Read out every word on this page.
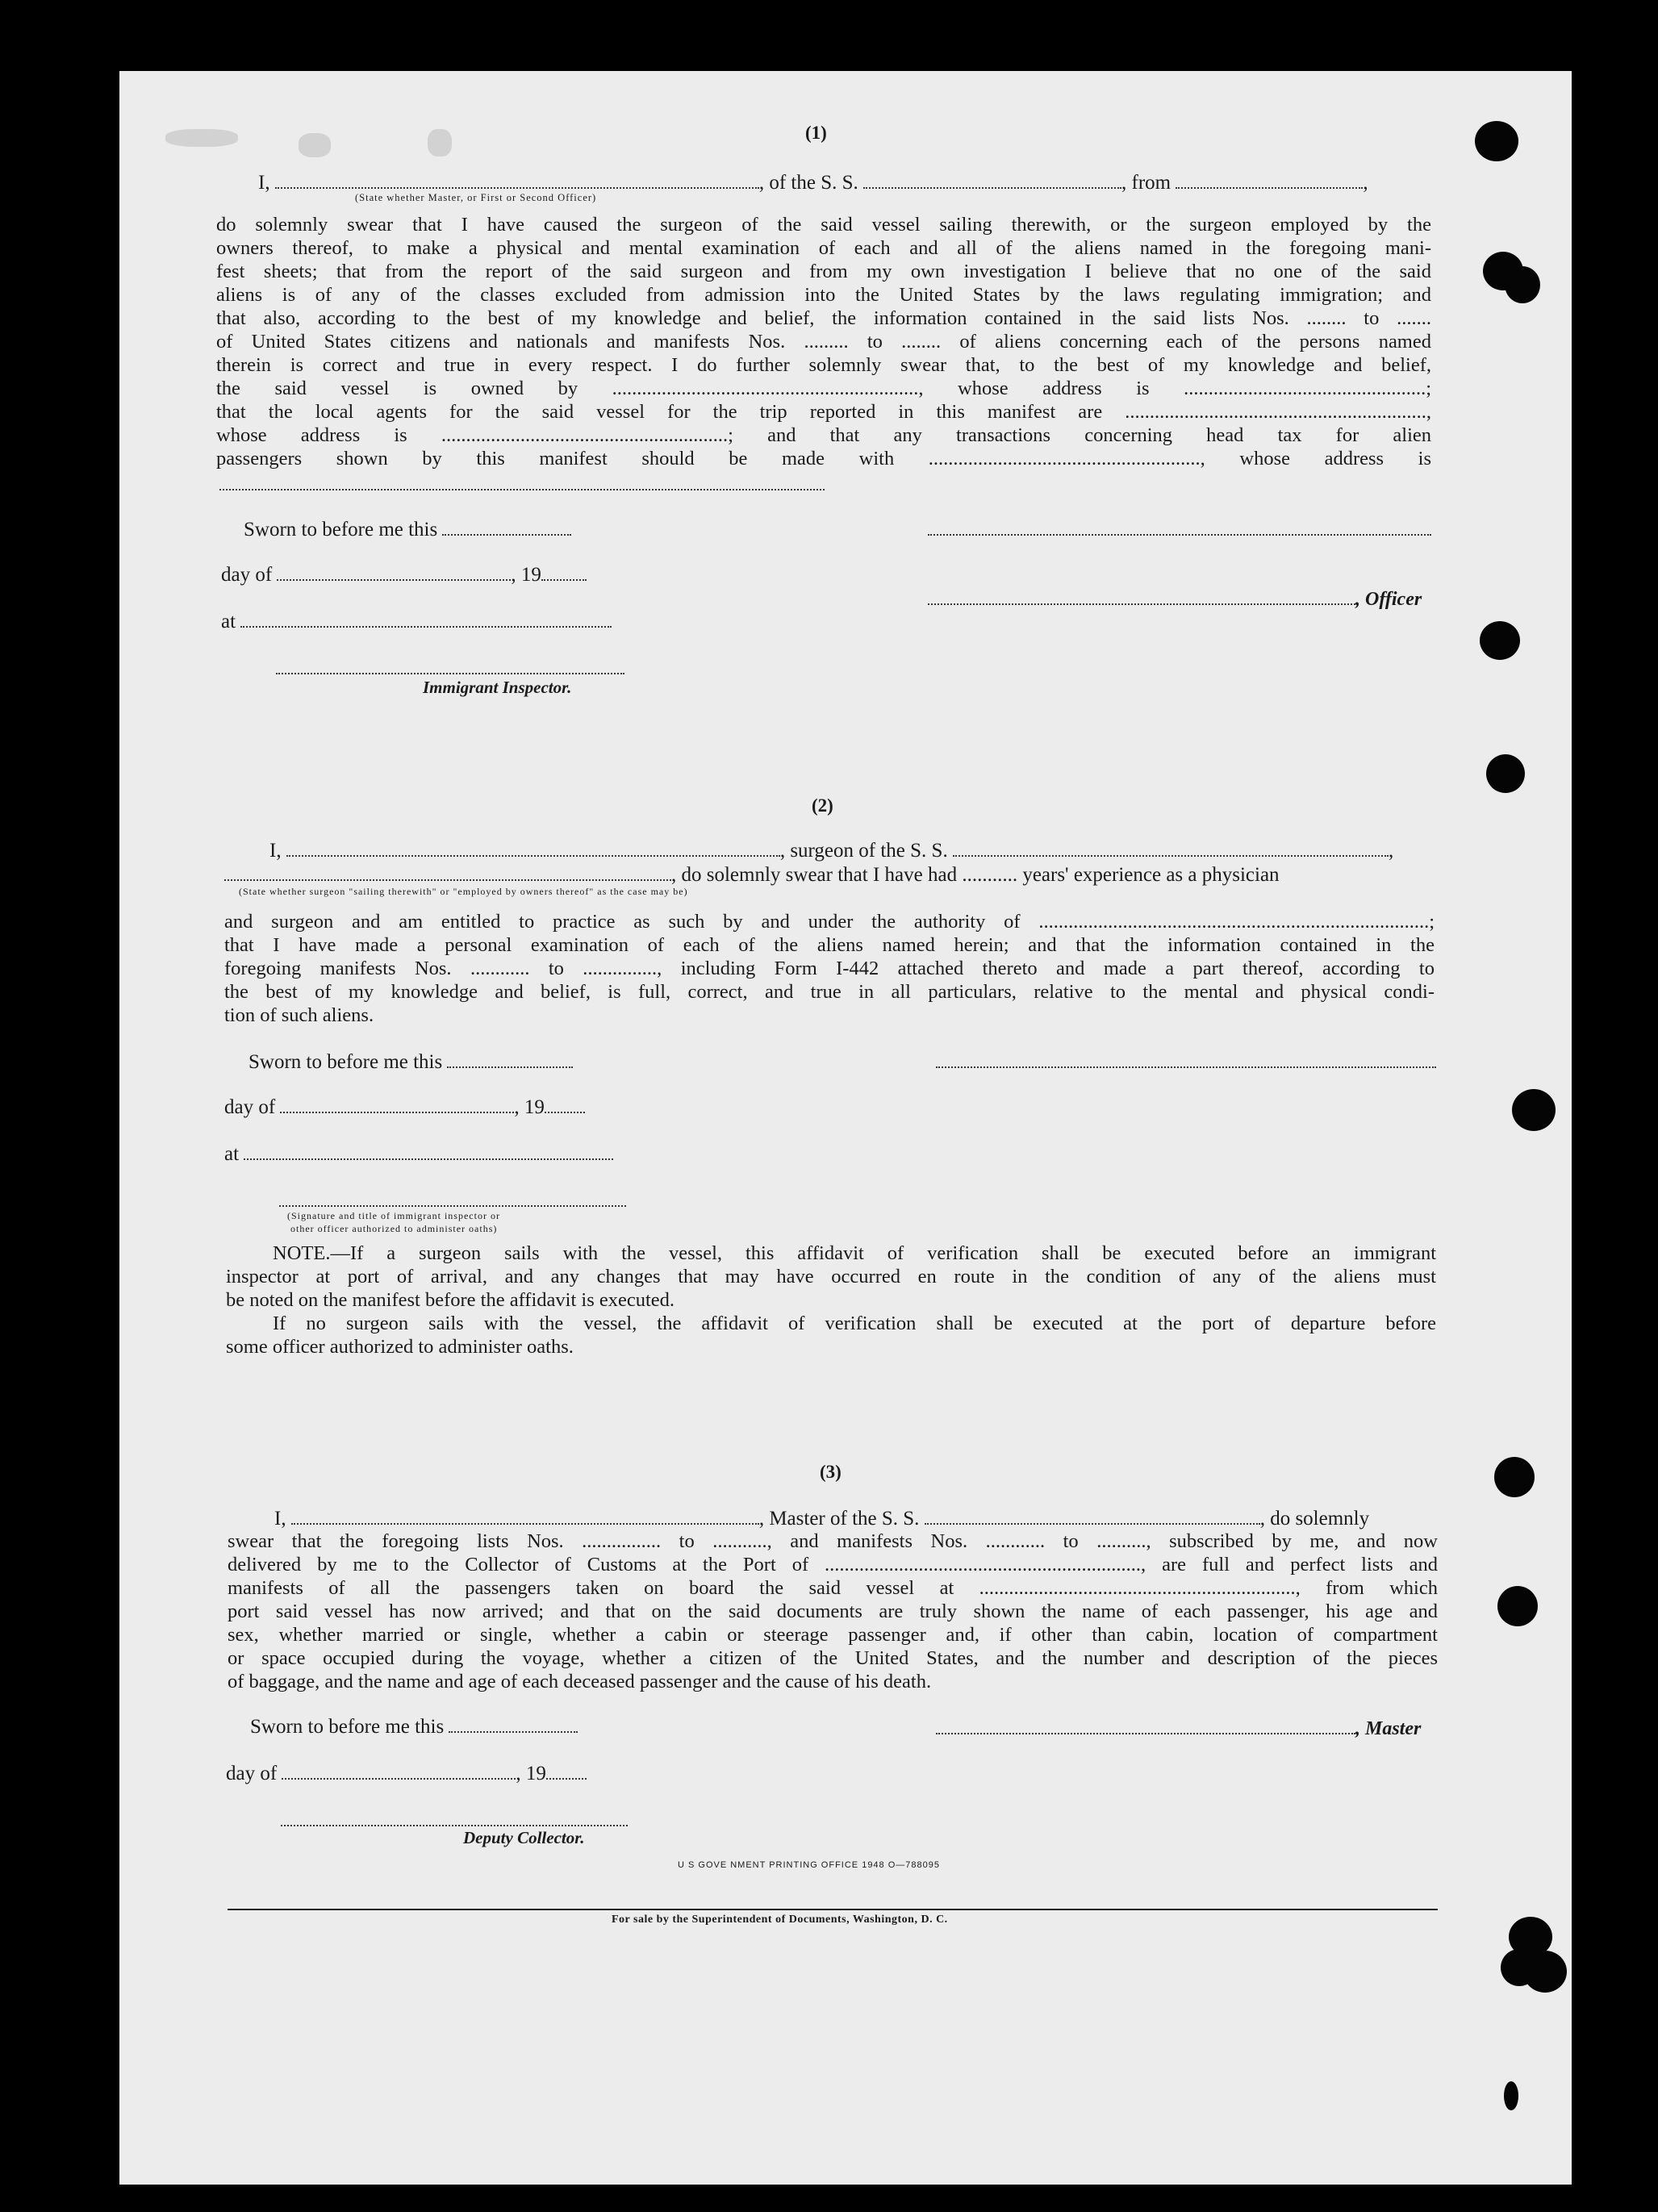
(1)
I,	, of the S. S.	, from	,
(State whether Master, or First or Second Officer)
do solemnly swear that I have caused the surgeon of the said vessel sailing therewith, or the surgeon employed by the
owners thereof, to make a physical and mental examination of each and all of the aliens named in the foregoing mani-
fest sheets; that from the report of the said surgeon and from my own investigation I believe that no one of the said
aliens is of any of the classes excluded from admission into the United States by the laws regulating immigration; and
that also, according to the best of my knowledge and belief, the information contained in the said lists Nos. ........ to .......
of United States citizens and nationals and manifests Nos. ......... to ........ of aliens concerning each of the persons named
therein is correct and true in every respect. I do further solemnly swear that, to the best of my knowledge and belief,
the said vessel is owned by .............................................................., whose address is .................................................;
that the local agents for the said vessel for the trip reported in this manifest are .............................................................,
whose address is ..........................................................; and that any transactions concerning head tax for alien
passengers shown by this manifest should be made with ......................................................., whose address is
Sworn to before me this
day of	, 19
, Officer
at
Immigrant Inspector.
(2)
I,	, surgeon of the S. S.	,
, do solemnly swear that I have had ........... years' experience as a physician
(State whether surgeon "sailing therewith" or "employed by owners thereof" as the case may be)
and surgeon and am entitled to practice as such by and under the authority of ...............................................................................;
that I have made a personal examination of each of the aliens named herein; and that the information contained in the
foregoing manifests Nos. ............ to ..............., including Form I-442 attached thereto and made a part thereof, according to
the best of my knowledge and belief, is full, correct, and true in all particulars, relative to the mental and physical condi-
tion of such aliens.
Sworn to before me this
day of	, 19
at
(Signature and title of immigrant inspector or
other officer authorized to administer oaths)
NOTE.—If a surgeon sails with the vessel, this affidavit of verification shall be executed before an immigrant
inspector at port of arrival, and any changes that may have occurred en route in the condition of any of the aliens must
be noted on the manifest before the affidavit is executed.
If no surgeon sails with the vessel, the affidavit of verification shall be executed at the port of departure before
some officer authorized to administer oaths.
(3)
I,	, Master of the S. S.	, do solemnly
swear that the foregoing lists Nos. ................ to ..........., and manifests Nos. ............ to .........., subscribed by me, and now
delivered by me to the Collector of Customs at the Port of ................................................................, are full and perfect lists and
manifests of all the passengers taken on board the said vessel at ................................................................, from which
port said vessel has now arrived; and that on the said documents are truly shown the name of each passenger, his age and
sex, whether married or single, whether a cabin or steerage passenger and, if other than cabin, location of compartment
or space occupied during the voyage, whether a citizen of the United States, and the number and description of the pieces
of baggage, and the name and age of each deceased passenger and the cause of his death.
Sworn to before me this	, Master
day of	, 19
Deputy Collector.
U S GOVE NMENT PRINTING OFFICE 1948 O—788095
For sale by the Superintendent of Documents, Washington, D. C.
